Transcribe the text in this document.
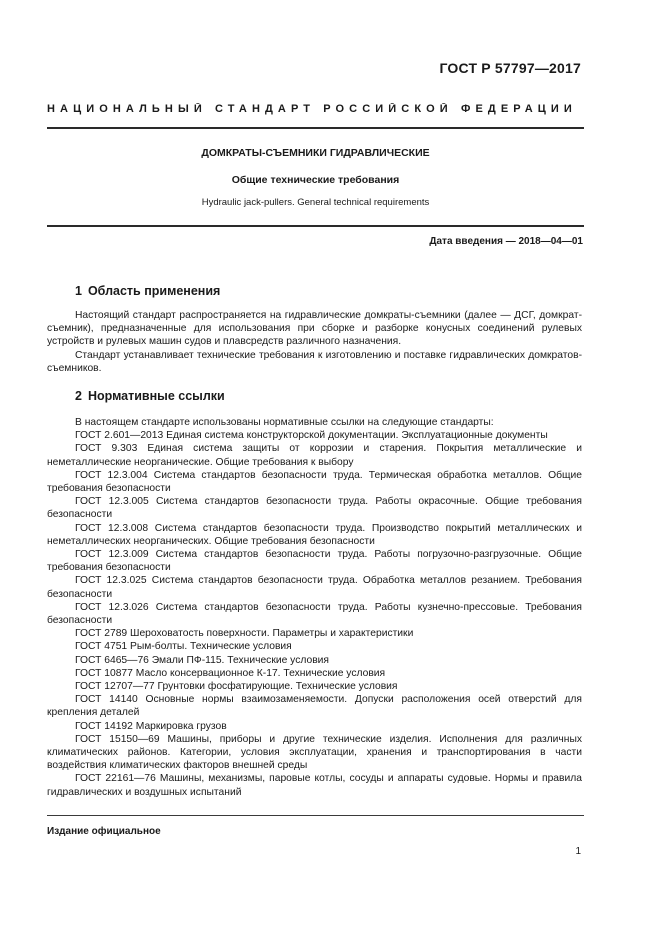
ГОСТ Р 57797—2017
НАЦИОНАЛЬНЫЙ СТАНДАРТ РОССИЙСКОЙ ФЕДЕРАЦИИ
ДОМКРАТЫ-СЪЕМНИКИ ГИДРАВЛИЧЕСКИЕ
Общие технические требования
Hydraulic jack-pullers. General technical requirements
Дата введения — 2018—04—01
1 Область применения

Настоящий стандарт распространяется на гидравлические домкраты-съемники (далее — ДСГ, домкрат-съемник), предназначенные для использования при сборке и разборке конусных соединений рулевых устройств и рулевых машин судов и плавсредств различного назначения.

Стандарт устанавливает технические требования к изготовлению и поставке гидравлических домкратов-съемников.

2 Нормативные ссылки

В настоящем стандарте использованы нормативные ссылки на следующие стандарты:

ГОСТ 2.601—2013 Единая система конструкторской документации. Эксплуатационные документы

ГОСТ 9.303 Единая система защиты от коррозии и старения. Покрытия металлические и неметаллические неорганические. Общие требования к выбору

ГОСТ 12.3.004 Система стандартов безопасности труда. Термическая обработка металлов. Общие требования безопасности

ГОСТ 12.3.005 Система стандартов безопасности труда. Работы окрасочные. Общие требования безопасности

ГОСТ 12.3.008 Система стандартов безопасности труда. Производство покрытий металлических и неметаллических неорганических. Общие требования безопасности

ГОСТ 12.3.009 Система стандартов безопасности труда. Работы погрузочно-разгрузочные. Общие требования безопасности

ГОСТ 12.3.025 Система стандартов безопасности труда. Обработка металлов резанием. Требования безопасности

ГОСТ 12.3.026 Система стандартов безопасности труда. Работы кузнечно-прессовые. Требования безопасности

ГОСТ 2789 Шероховатость поверхности. Параметры и характеристики

ГОСТ 4751 Рым-болты. Технические условия

ГОСТ 6465—76 Эмали ПФ-115. Технические условия

ГОСТ 10877 Масло консервационное К-17. Технические условия

ГОСТ 12707—77 Грунтовки фосфатирующие. Технические условия

ГОСТ 14140 Основные нормы взаимозаменяемости. Допуски расположения осей отверстий для крепления деталей

ГОСТ 14192 Маркировка грузов

ГОСТ 15150—69 Машины, приборы и другие технические изделия. Исполнения для различных климатических районов. Категории, условия эксплуатации, хранения и транспортирования в части воздействия климатических факторов внешней среды

ГОСТ 22161—76 Машины, механизмы, паровые котлы, сосуды и аппараты судовые. Нормы и правила гидравлических и воздушных испытаний

Издание официальное
1
